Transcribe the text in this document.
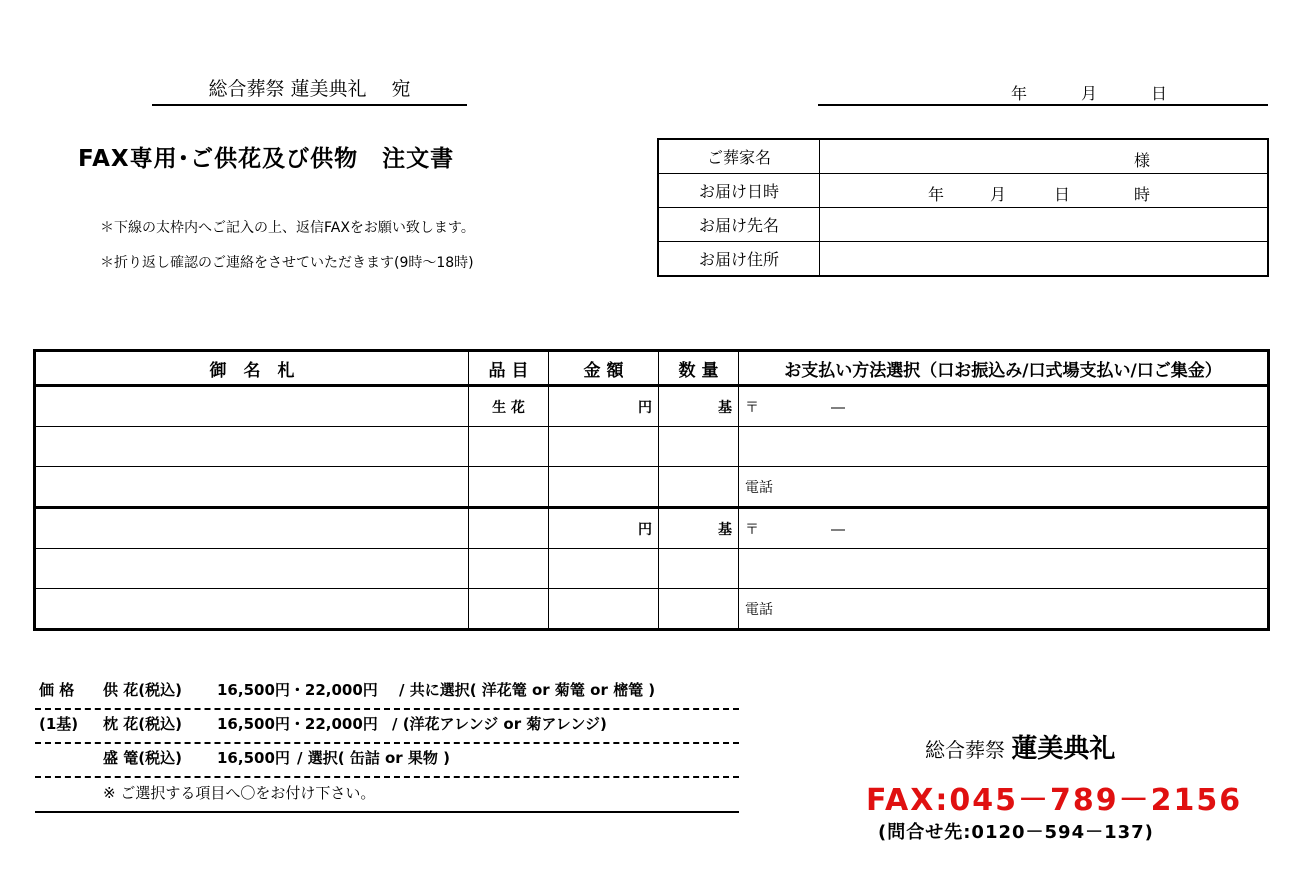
総合葬祭 蓮美典礼　 宛	年	月	日
FAX専用･ご供花及び供物　注文書
＊下線の太枠内へご記入の上、返信FAXをお願い致します。
＊折り返し確認のご連絡をさせていただきます(9時～18時)
ご葬家名	様

お届け日時	年 月 日 時

お届け先名	
お届け住所	
御　名　札	品 目	金 額	数 量	お支払い方法選択（口お振込み/口式場支払い/口ご集金）
	生 花	円	基	〒 ―

				電話
		円	基	〒 ―

				電話
価 格 供 花(税込) 16,500円・22,000円 / 共に選択( 洋花篭 or 菊篭 or 樒篭 )
(1基) 枕 花(税込) 16,500円・22,000円 / (洋花アレンジ or 菊アレンジ)
盛 篭(税込) 16,500円 / 選択( 缶詰 or 果物 )
※ ご選択する項目へ〇をお付け下さい。
総合葬祭 蓮美典礼
FAX:045－789－2156
(問合せ先:0120－594－137)
